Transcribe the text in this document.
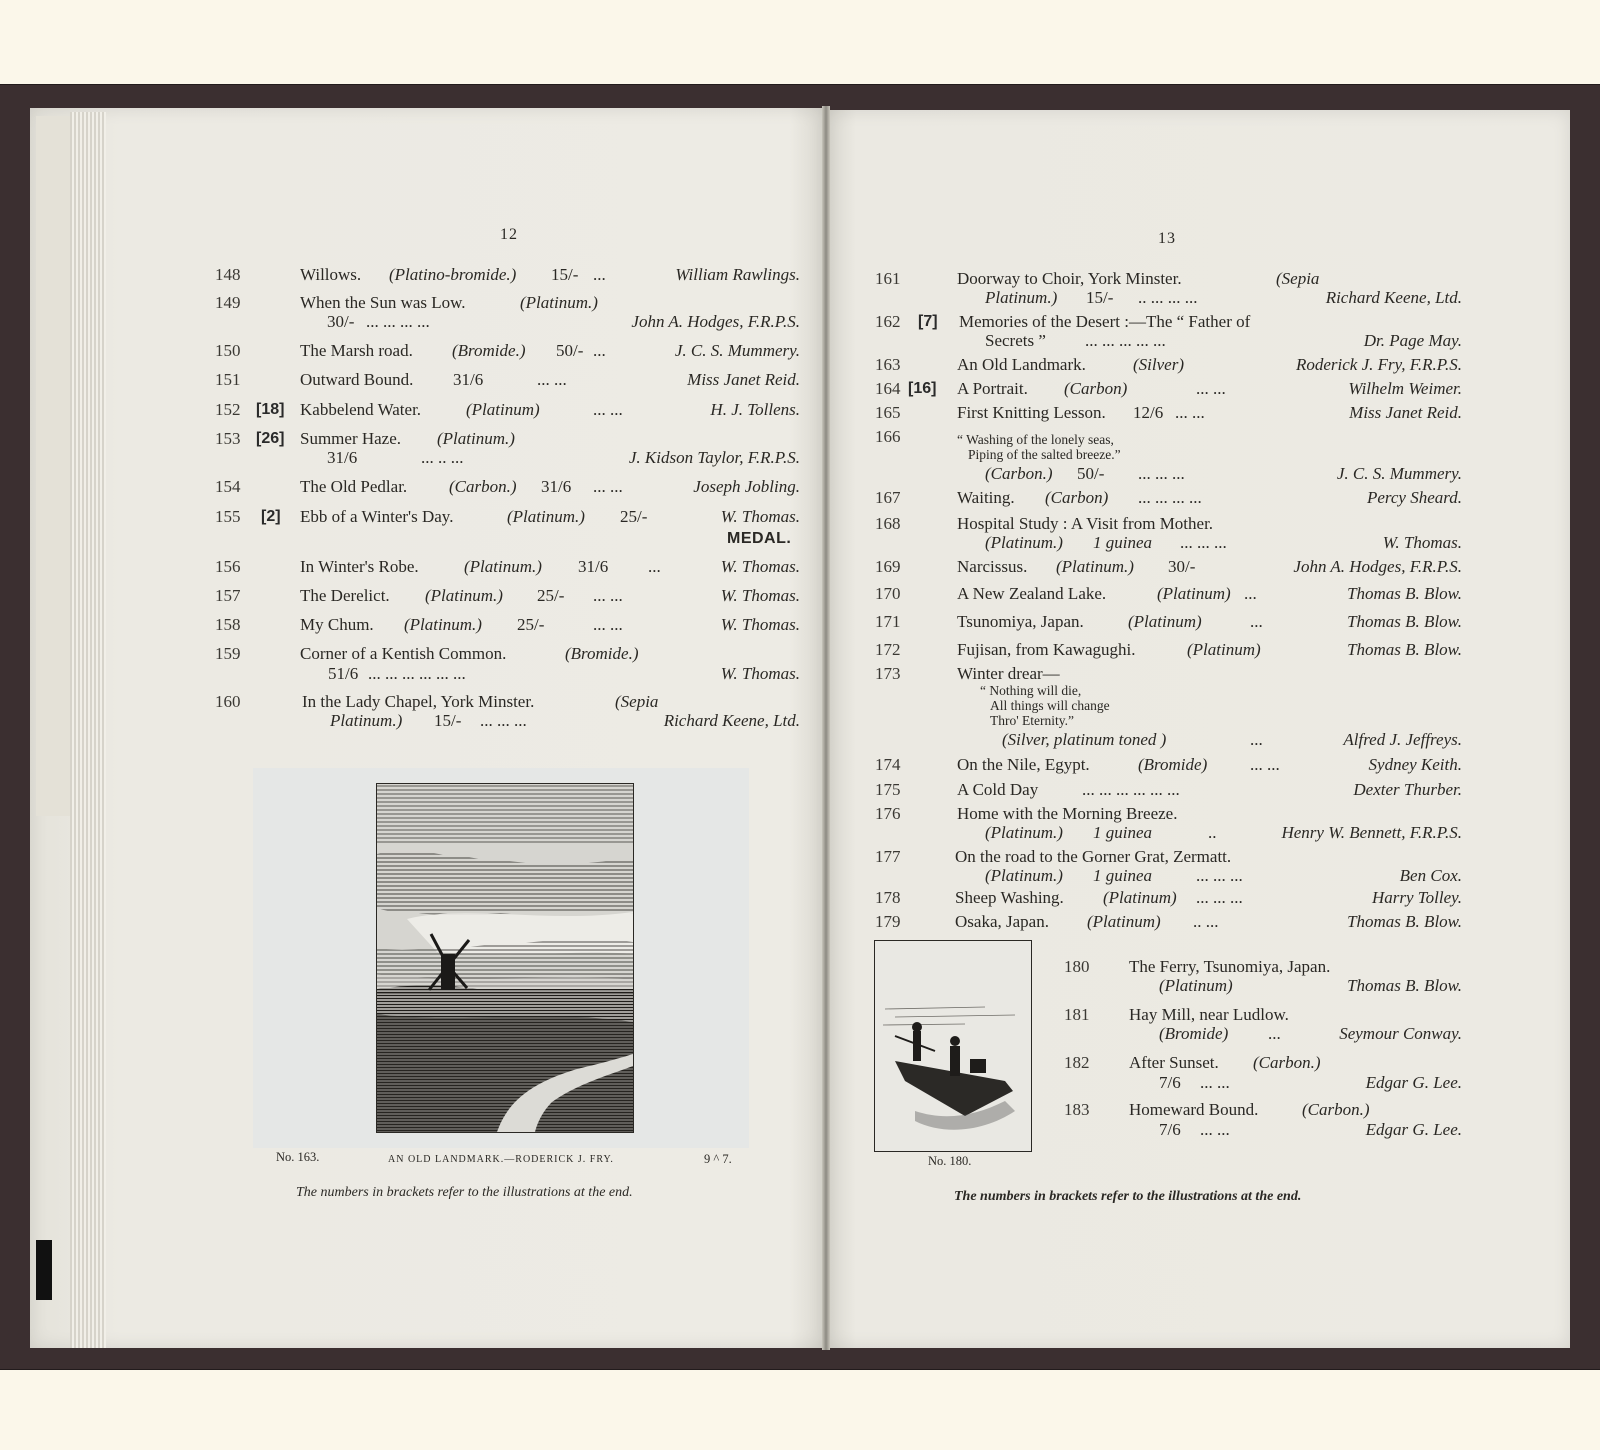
12
148	Willows. (Platino-bromide.) 15/- ...	William Rawlings.
149	When the Sun was Low.	(Platinum.)
30/- ... ... ... ...	John A. Hodges, F.R.P.S.
150	The Marsh road. (Bromide.) 50/- ...	J. C. S. Mummery.
151	Outward Bound. 31/6	... ...	Miss Janet Reid.
152 [18] Kabbelend Water.	(Platinum)	... ...	H. J. Tollens.
153 [26] Summer Haze. (Platinum.)
31/6	... .. ...	J. Kidson Taylor, F.R.P.S.
154	The Old Pedlar. (Carbon.) 31/6 ... ...	Joseph Jobling.
155 [2] Ebb of a Winter's Day.	(Platinum.) 25/-	W. Thomas.
MEDAL.
156	In Winter's Robe.	(Platinum.) 31/6 ...	W. Thomas.
157	The Derelict. (Platinum.) 25/- ... ...	W. Thomas.
158	My Chum. (Platinum.) 25/-	... ...	W. Thomas.
159	Corner of a Kentish Common.	(Bromide.)
51/6 ... ... ... ... ... ...	W. Thomas.
160	In the Lady Chapel, York Minster.	(Sepia
Platinum.) 15/- ... ... ...	Richard Keene, Ltd.
No. 163.	AN OLD LANDMARK.—RODERICK J. FRY.	9 ^ 7.
The numbers in brackets refer to the illustrations at the end.
13
161	Doorway to Choir, York Minster.	(Sepia
Platinum.) 15/- .. ... ... ...	Richard Keene, Ltd.
162 [7] Memories of the Desert :—The “ Father of
Secrets ” ... ... ... ... ...	Dr. Page May.
163	An Old Landmark.	(Silver)	Roderick J. Fry, F.R.P.S.
164 [16] A Portrait. (Carbon)	... ...	Wilhelm Weimer.
165	First Knitting Lesson. 12/6 ... ...	Miss Janet Reid.
166	“ Washing of the lonely seas,
Piping of the salted breeze.”
(Carbon.) 50/- ... ... ...	J. C. S. Mummery.
167	Waiting. (Carbon) ... ... ... ...	Percy Sheard.
168	Hospital Study : A Visit from Mother.
(Platinum.) 1 guinea ... ... ...	W. Thomas.
169	Narcissus. (Platinum.) 30/-	John A. Hodges, F.R.P.S.
170	A New Zealand Lake.	(Platinum) ...	Thomas B. Blow.
171	Tsunomiya, Japan.	(Platinum)	...	Thomas B. Blow.
172	Fujisan, from Kawagughi.	(Platinum)	Thomas B. Blow.
173	Winter drear—
“ Nothing will die,
All things will change
Thro' Eternity.”
(Silver, platinum toned )	...	Alfred J. Jeffreys.
174	On the Nile, Egypt.	(Bromide)	... ...	Sydney Keith.
175	A Cold Day	... ... ... ... ... ...	Dexter Thurber.
176	Home with the Morning Breeze.
(Platinum.) 1 guinea	..	Henry W. Bennett, F.R.P.S.
177	On the road to the Gorner Grat, Zermatt.
(Platinum.) 1 guinea	... ... ...	Ben Cox.
178	Sheep Washing. (Platinum) ... ... ...	Harry Tolley.
179	Osaka, Japan. (Platinum) .. ...	Thomas B. Blow.
No. 180.
180 The Ferry, Tsunomiya, Japan.
(Platinum)	Thomas B. Blow.
181 Hay Mill, near Ludlow.
(Bromide) ...	Seymour Conway.
182 After Sunset. (Carbon.)
7/6 ... ...	Edgar G. Lee.
183 Homeward Bound.	(Carbon.)
7/6 ... ...	Edgar G. Lee.
The numbers in brackets refer to the illustrations at the end.
